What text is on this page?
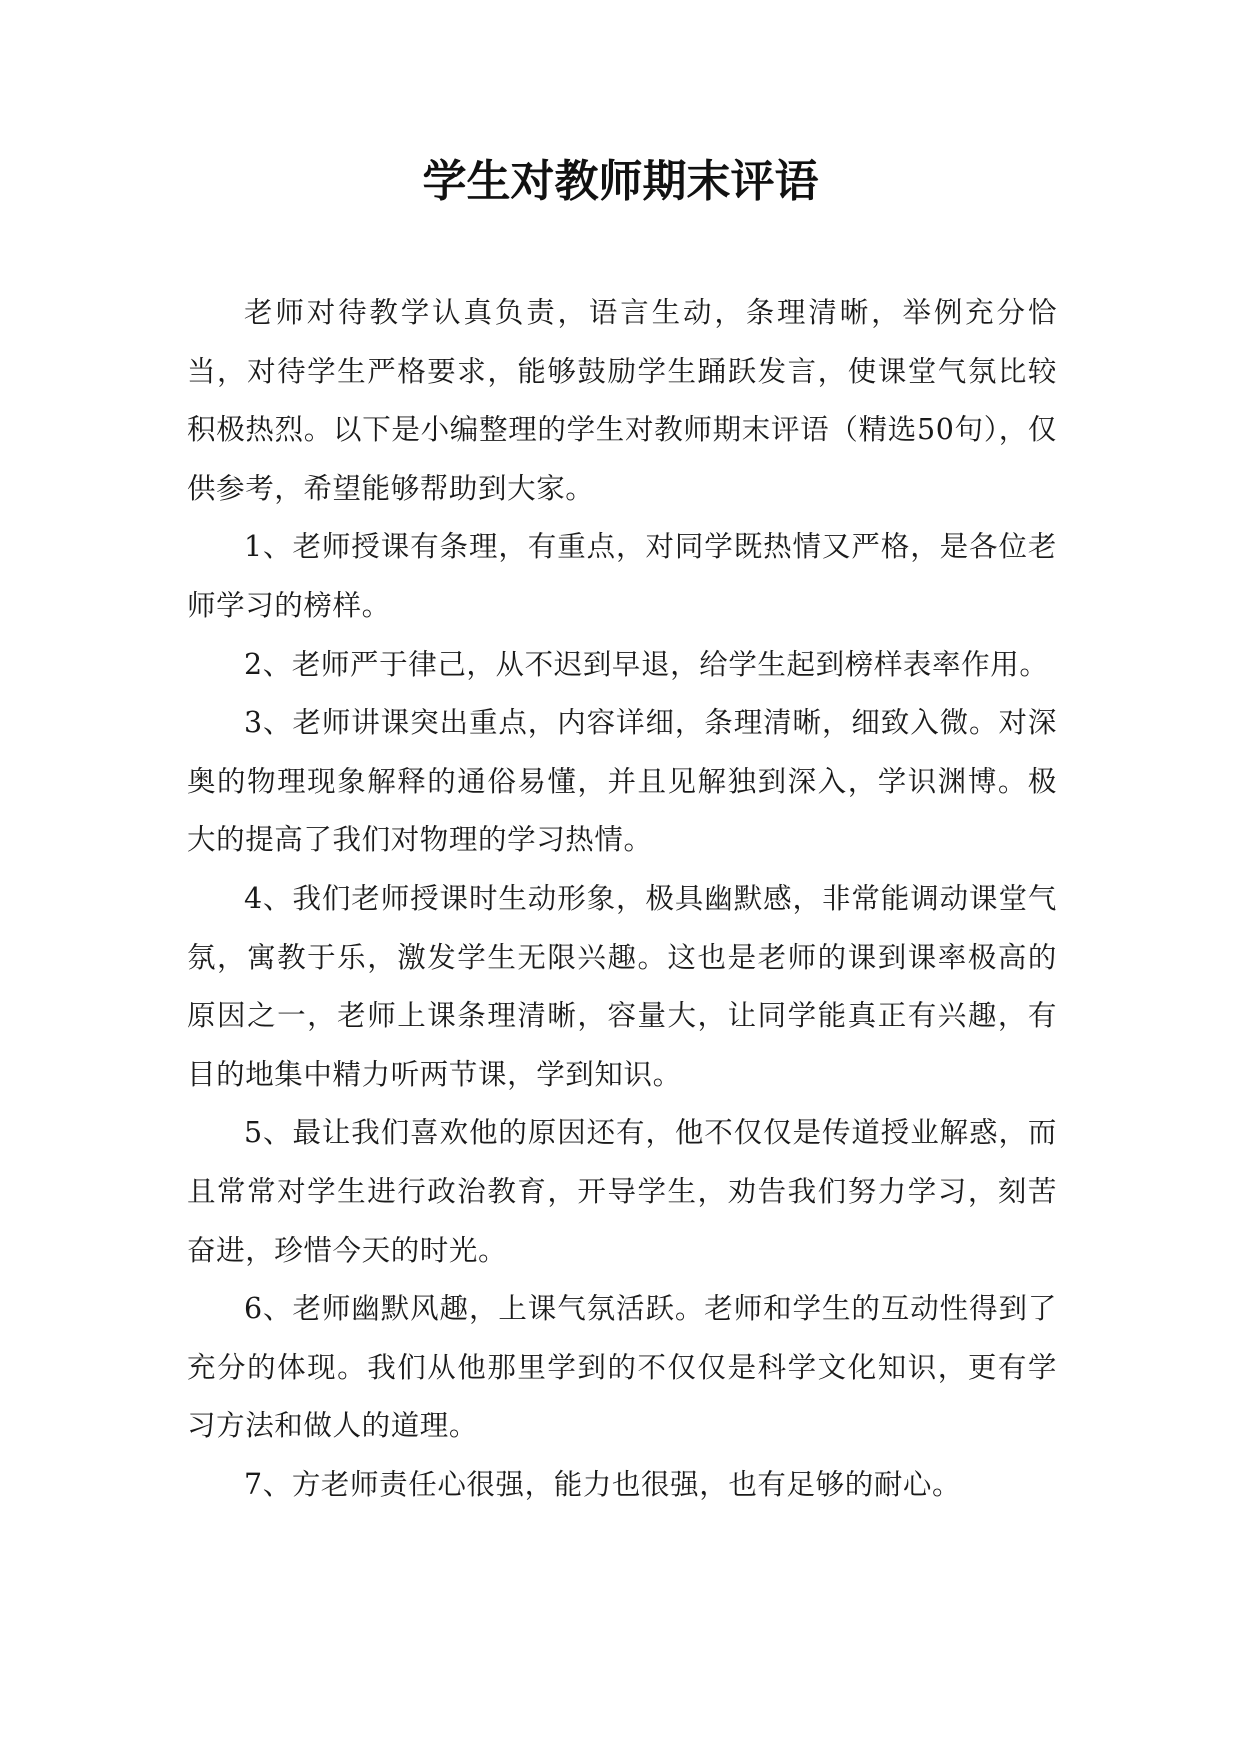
学生对教师期末评语

老师对待教学认真负责，语言生动，条理清晰，举例充分恰当，对待学生严格要求，能够鼓励学生踊跃发言，使课堂气氛比较积极热烈。以下是小编整理的学生对教师期末评语（精选50句），仅供参考，希望能够帮助到大家。

1、老师授课有条理，有重点，对同学既热情又严格，是各位老师学习的榜样。

2、老师严于律己，从不迟到早退，给学生起到榜样表率作用。

3、老师讲课突出重点，内容详细，条理清晰，细致入微。对深奥的物理现象解释的通俗易懂，并且见解独到深入，学识渊博。极大的提高了我们对物理的学习热情。

4、我们老师授课时生动形象，极具幽默感，非常能调动课堂气氛，寓教于乐，激发学生无限兴趣。这也是老师的课到课率极高的原因之一，老师上课条理清晰，容量大，让同学能真正有兴趣，有目的地集中精力听两节课，学到知识。

5、最让我们喜欢他的原因还有，他不仅仅是传道授业解惑，而且常常对学生进行政治教育，开导学生，劝告我们努力学习，刻苦奋进，珍惜今天的时光。

6、老师幽默风趣，上课气氛活跃。老师和学生的互动性得到了充分的体现。我们从他那里学到的不仅仅是科学文化知识，更有学习方法和做人的道理。

7、方老师责任心很强，能力也很强，也有足够的耐心。
